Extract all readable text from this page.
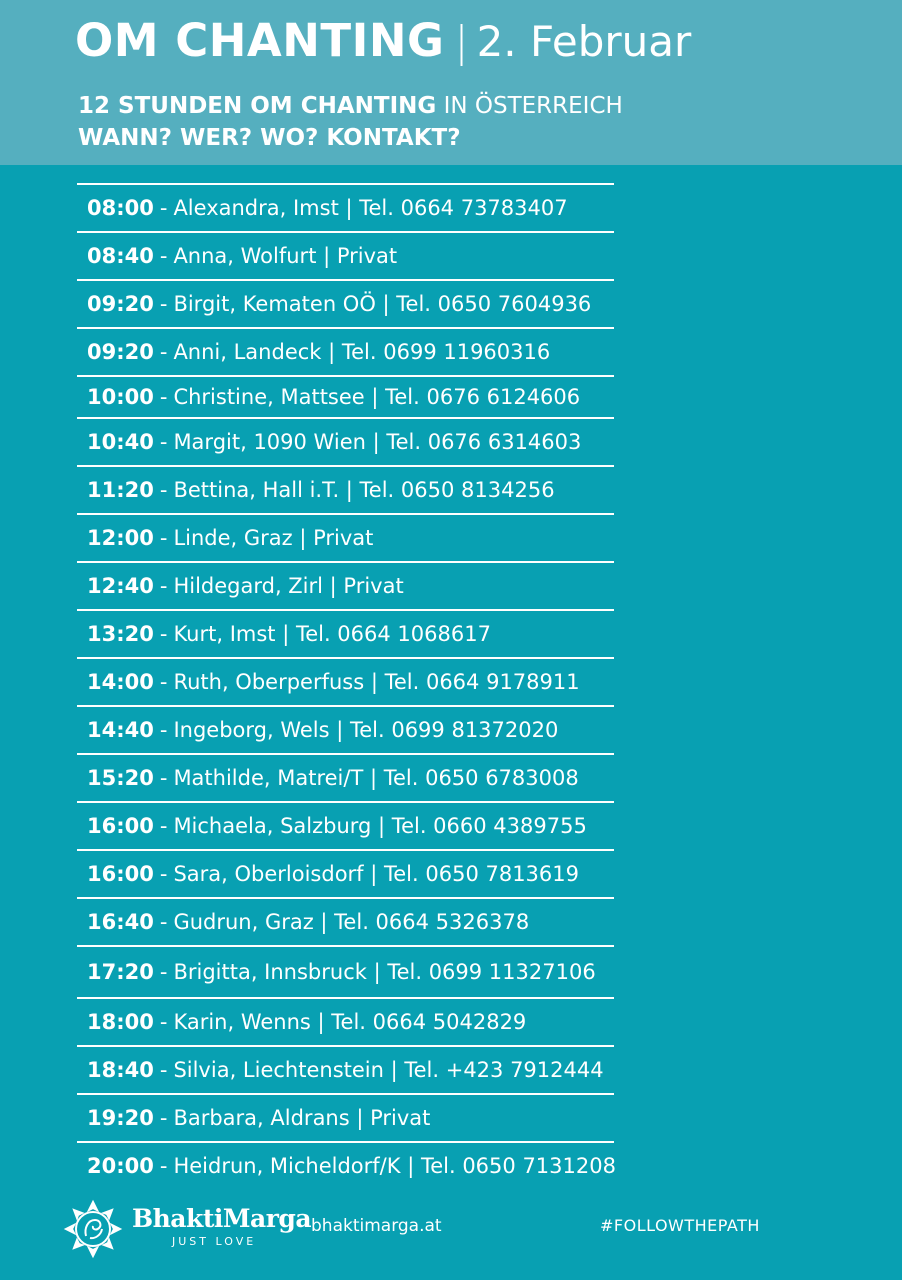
OM CHANTING | 2. Februar
12 STUNDEN OM CHANTING IN ÖSTERREICH
WANN? WER? WO? KONTAKT?
08:00 - Alexandra, Imst | Tel. 0664 73783407
08:40 - Anna, Wolfurt | Privat
09:20 - Birgit, Kematen OÖ | Tel. 0650 7604936
09:20 - Anni, Landeck | Tel. 0699 11960316
10:00 - Christine, Mattsee | Tel. 0676 6124606
10:40 - Margit, 1090 Wien | Tel. 0676 6314603
11:20 - Bettina, Hall i.T. | Tel. 0650 8134256
12:00 - Linde, Graz | Privat
12:40 - Hildegard, Zirl | Privat
13:20 - Kurt, Imst | Tel. 0664 1068617
14:00 - Ruth, Oberperfuss | Tel. 0664 9178911
14:40 - Ingeborg, Wels | Tel. 0699 81372020
15:20 - Mathilde, Matrei/T | Tel. 0650 6783008
16:00 - Michaela, Salzburg | Tel. 0660 4389755
16:00 - Sara, Oberloisdorf | Tel. 0650 7813619
16:40 - Gudrun, Graz | Tel. 0664 5326378
17:20 - Brigitta, Innsbruck | Tel. 0699 11327106
18:00 - Karin, Wenns | Tel. 0664 5042829
18:40 - Silvia, Liechtenstein | Tel. +423 7912444
19:20 - Barbara, Aldrans | Privat
20:00 - Heidrun, Micheldorf/K | Tel. 0650 7131208
BhaktiMarga
JUST LOVE
bhaktimarga.at	#FOLLOWTHEPATH
